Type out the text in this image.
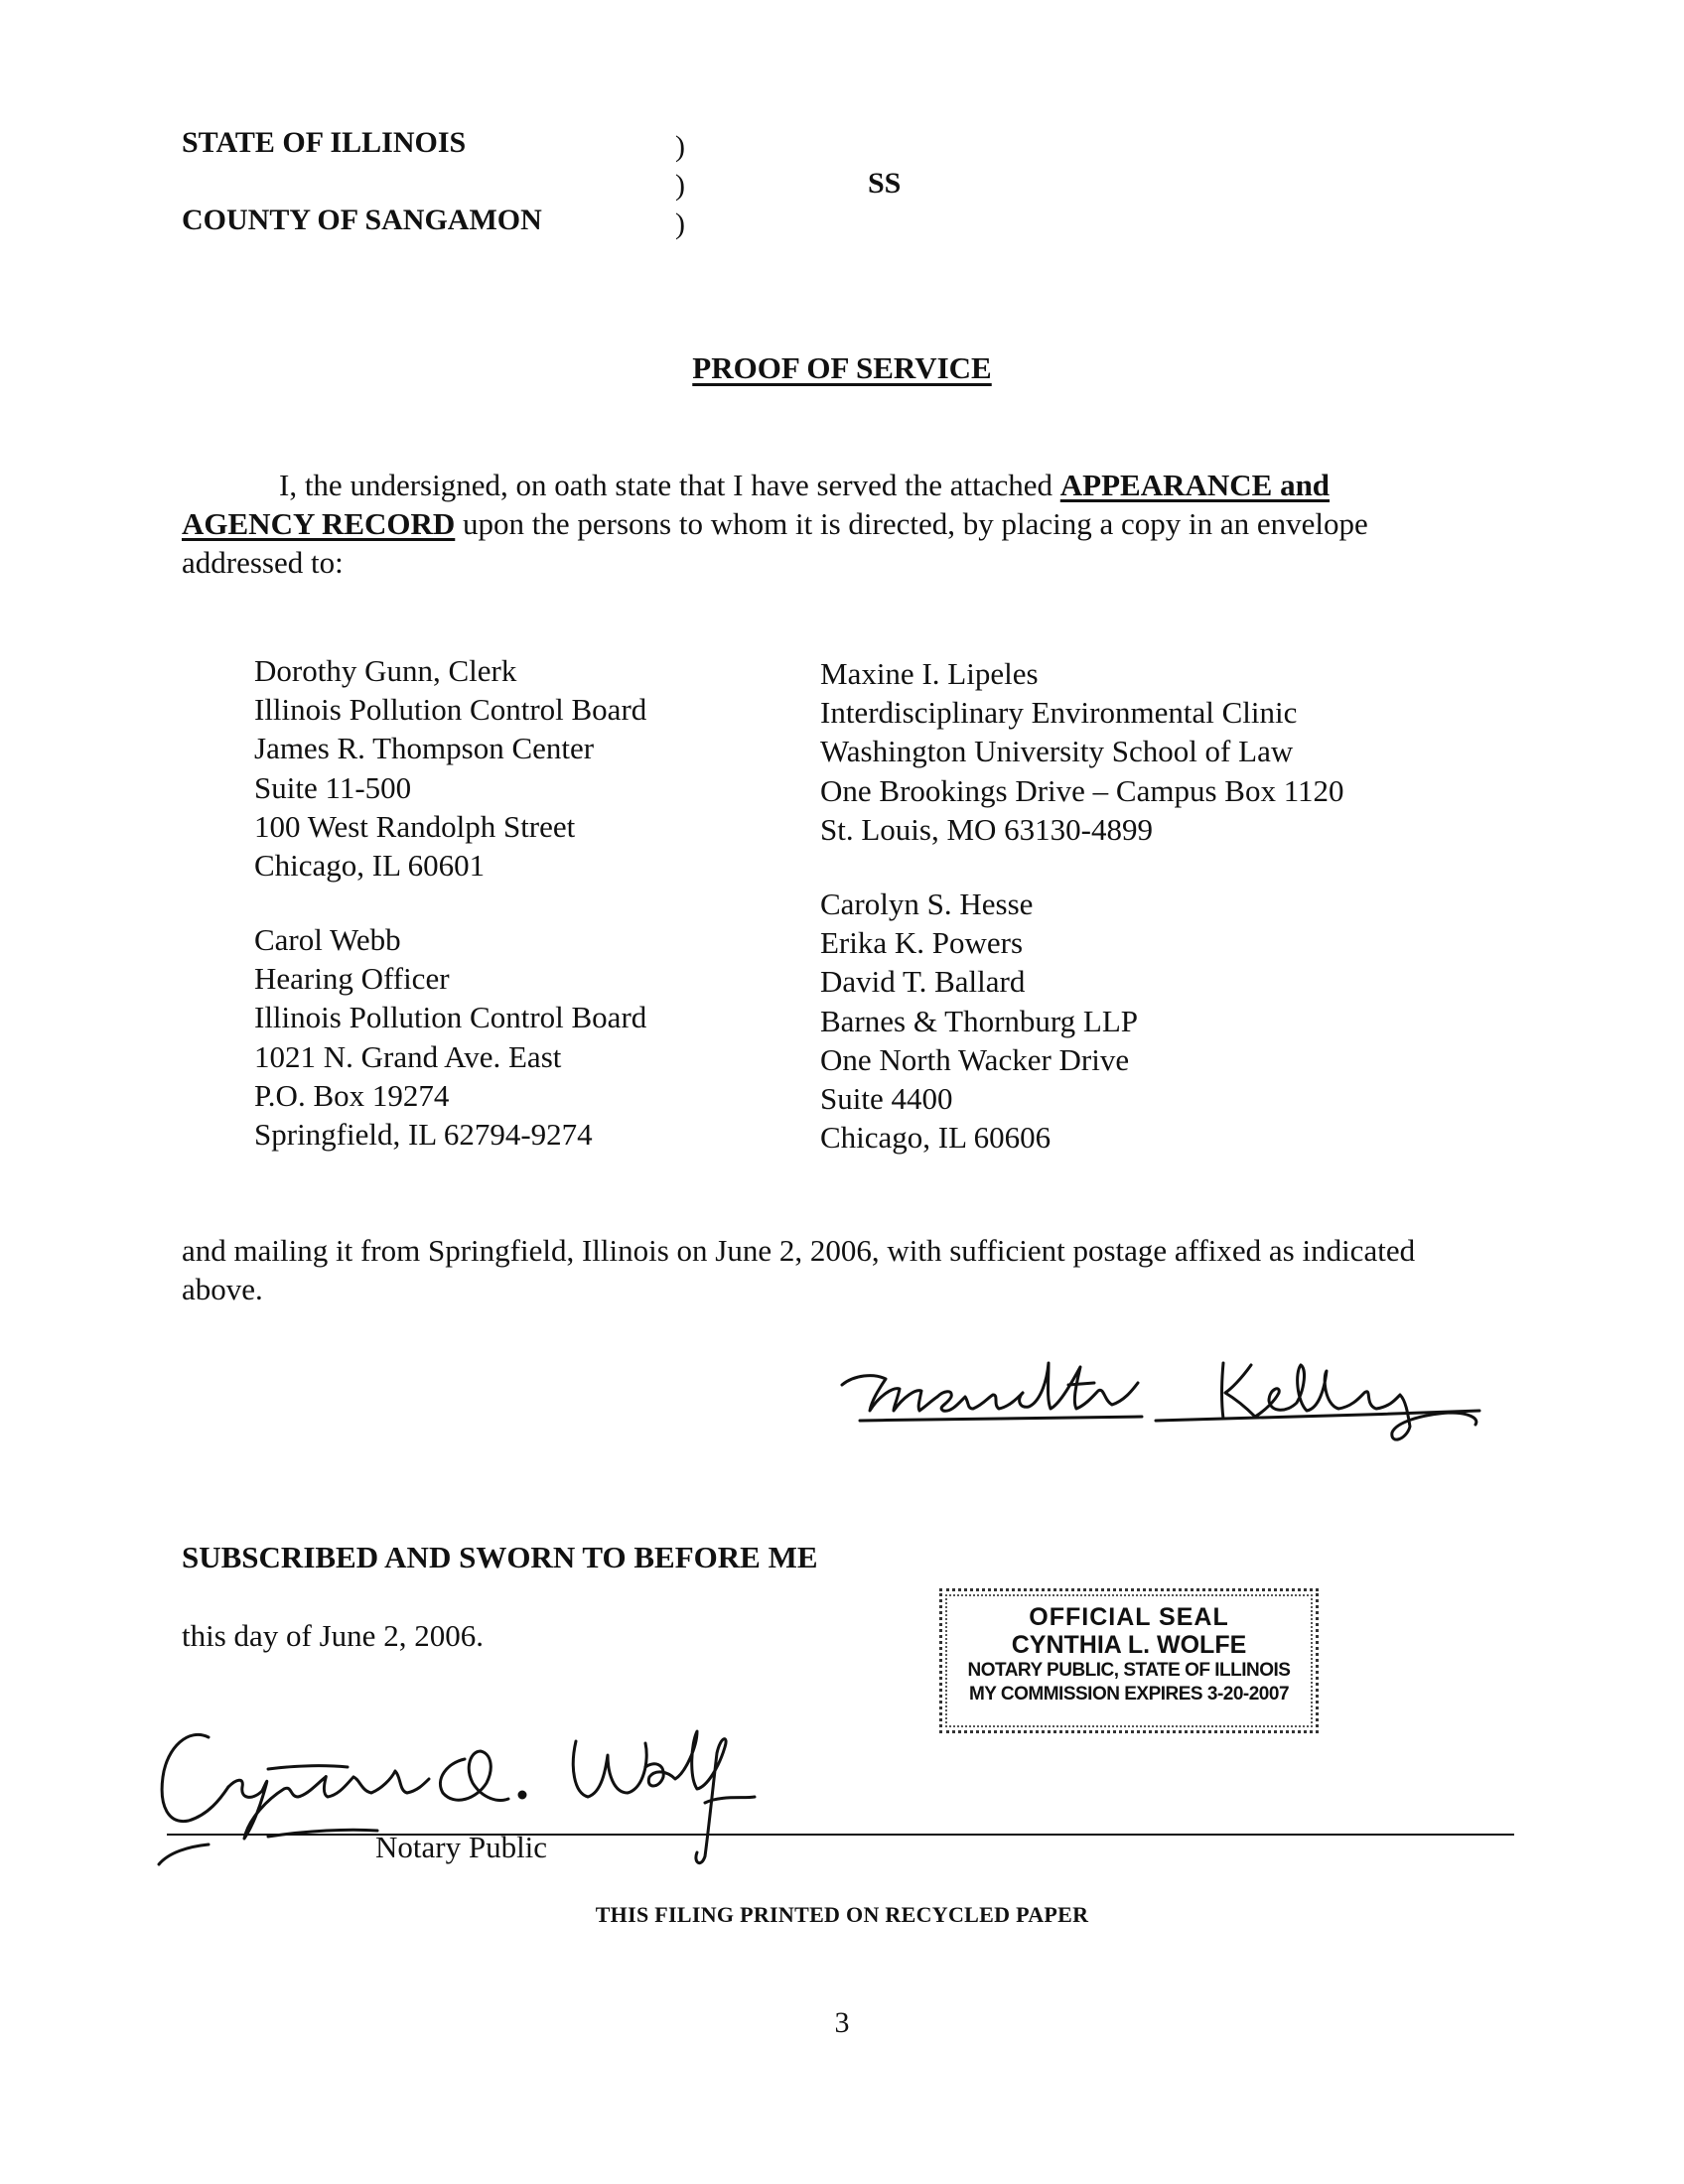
STATE OF ILLINOIS
COUNTY OF SANGAMON
)
)
)
SS
PROOF OF SERVICE
I, the undersigned, on oath state that I have served the attached APPEARANCE and
AGENCY RECORD upon the persons to whom it is directed, by placing a copy in an envelope
addressed to:
Dorothy Gunn, Clerk
Illinois Pollution Control Board
James R. Thompson Center
Suite 11-500
100 West Randolph Street
Chicago, IL 60601
Carol Webb
Hearing Officer
Illinois Pollution Control Board
1021 N. Grand Ave. East
P.O. Box 19274
Springfield, IL 62794-9274
Maxine I. Lipeles
Interdisciplinary Environmental Clinic
Washington University School of Law
One Brookings Drive – Campus Box 1120
St. Louis, MO 63130-4899
Carolyn S. Hesse
Erika K. Powers
David T. Ballard
Barnes & Thornburg LLP
One North Wacker Drive
Suite 4400
Chicago, IL 60606
and mailing it from Springfield, Illinois on June 2, 2006, with sufficient postage affixed as indicated
above.
SUBSCRIBED AND SWORN TO BEFORE ME
this day of June 2, 2006.
OFFICIAL SEAL
CYNTHIA L. WOLFE
NOTARY PUBLIC, STATE OF ILLINOIS
MY COMMISSION EXPIRES 3-20-2007
Notary Public
THIS FILING PRINTED ON RECYCLED PAPER
3
